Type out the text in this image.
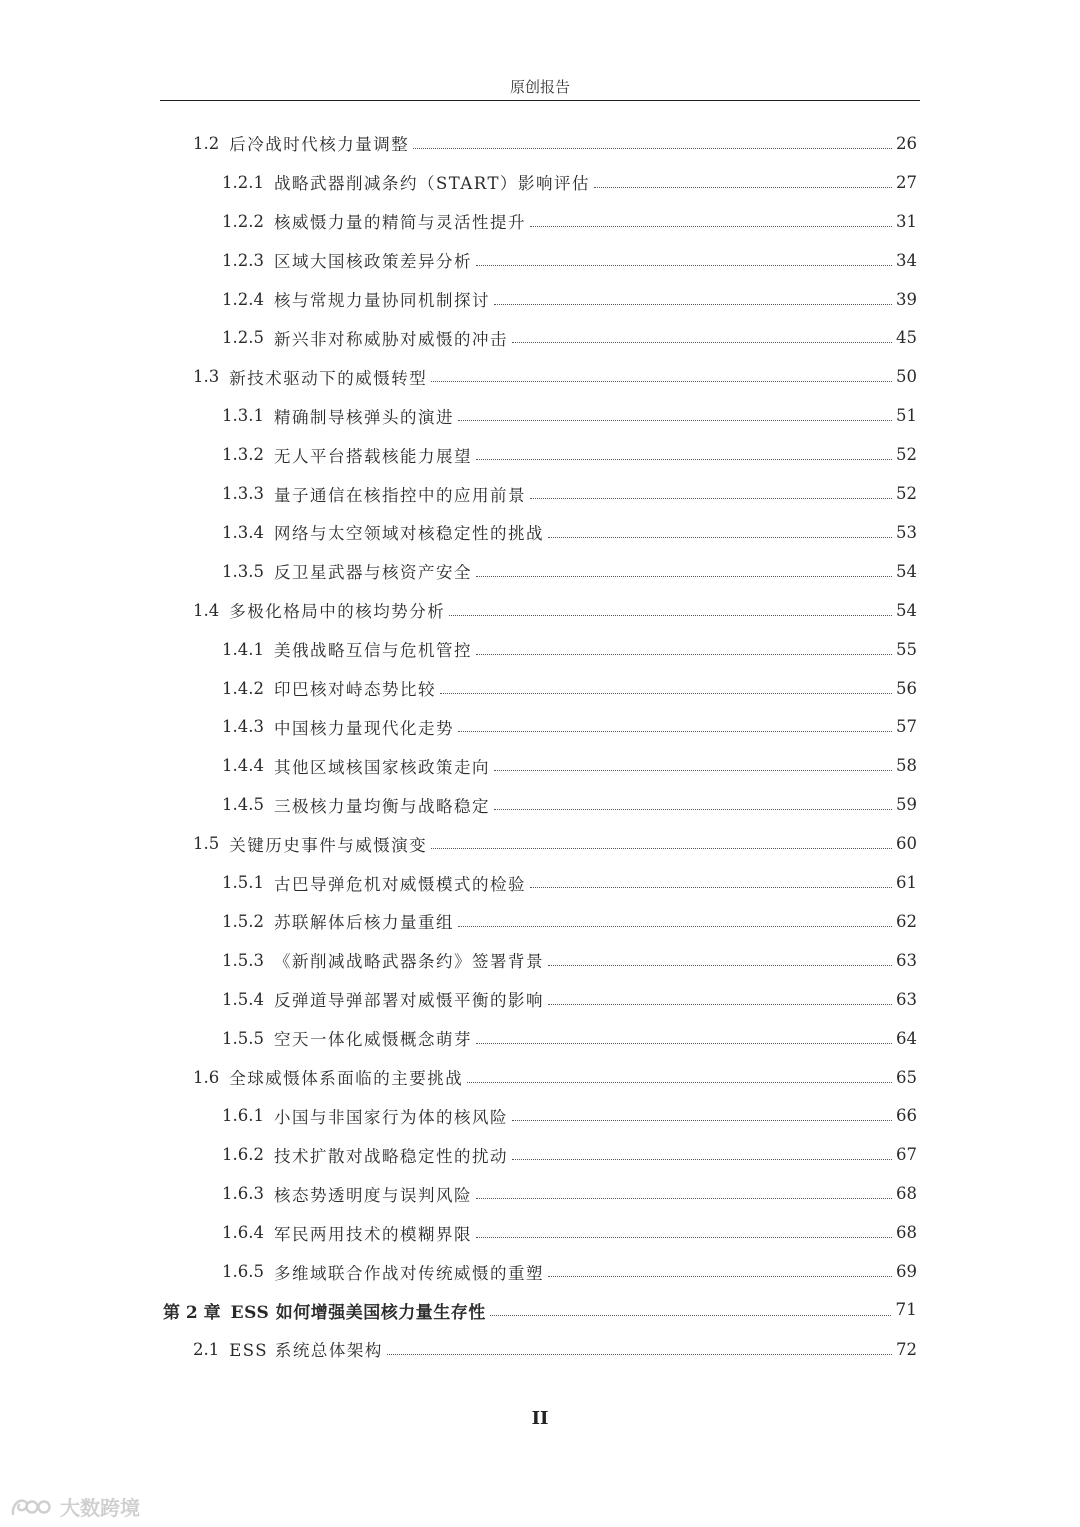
原创报告
1.2 后冷战时代核力量调整	26
1.2.1 战略武器削减条约（START）影响评估	27
1.2.2 核威慑力量的精简与灵活性提升	31
1.2.3 区域大国核政策差异分析	34
1.2.4 核与常规力量协同机制探讨	39
1.2.5 新兴非对称威胁对威慑的冲击	45
1.3 新技术驱动下的威慑转型	50
1.3.1 精确制导核弹头的演进	51
1.3.2 无人平台搭载核能力展望	52
1.3.3 量子通信在核指控中的应用前景	52
1.3.4 网络与太空领域对核稳定性的挑战	53
1.3.5 反卫星武器与核资产安全	54
1.4 多极化格局中的核均势分析	54
1.4.1 美俄战略互信与危机管控	55
1.4.2 印巴核对峙态势比较	56
1.4.3 中国核力量现代化走势	57
1.4.4 其他区域核国家核政策走向	58
1.4.5 三极核力量均衡与战略稳定	59
1.5 关键历史事件与威慑演变	60
1.5.1 古巴导弹危机对威慑模式的检验	61
1.5.2 苏联解体后核力量重组	62
1.5.3 《新削减战略武器条约》签署背景	63
1.5.4 反弹道导弹部署对威慑平衡的影响	63
1.5.5 空天一体化威慑概念萌芽	64
1.6 全球威慑体系面临的主要挑战	65
1.6.1 小国与非国家行为体的核风险	66
1.6.2 技术扩散对战略稳定性的扰动	67
1.6.3 核态势透明度与误判风险	68
1.6.4 军民两用技术的模糊界限	68
1.6.5 多维域联合作战对传统威慑的重塑	69
第 2 章 ESS 如何增强美国核力量生存性	71
2.1 ESS 系统总体架构	72
II
大数跨境
